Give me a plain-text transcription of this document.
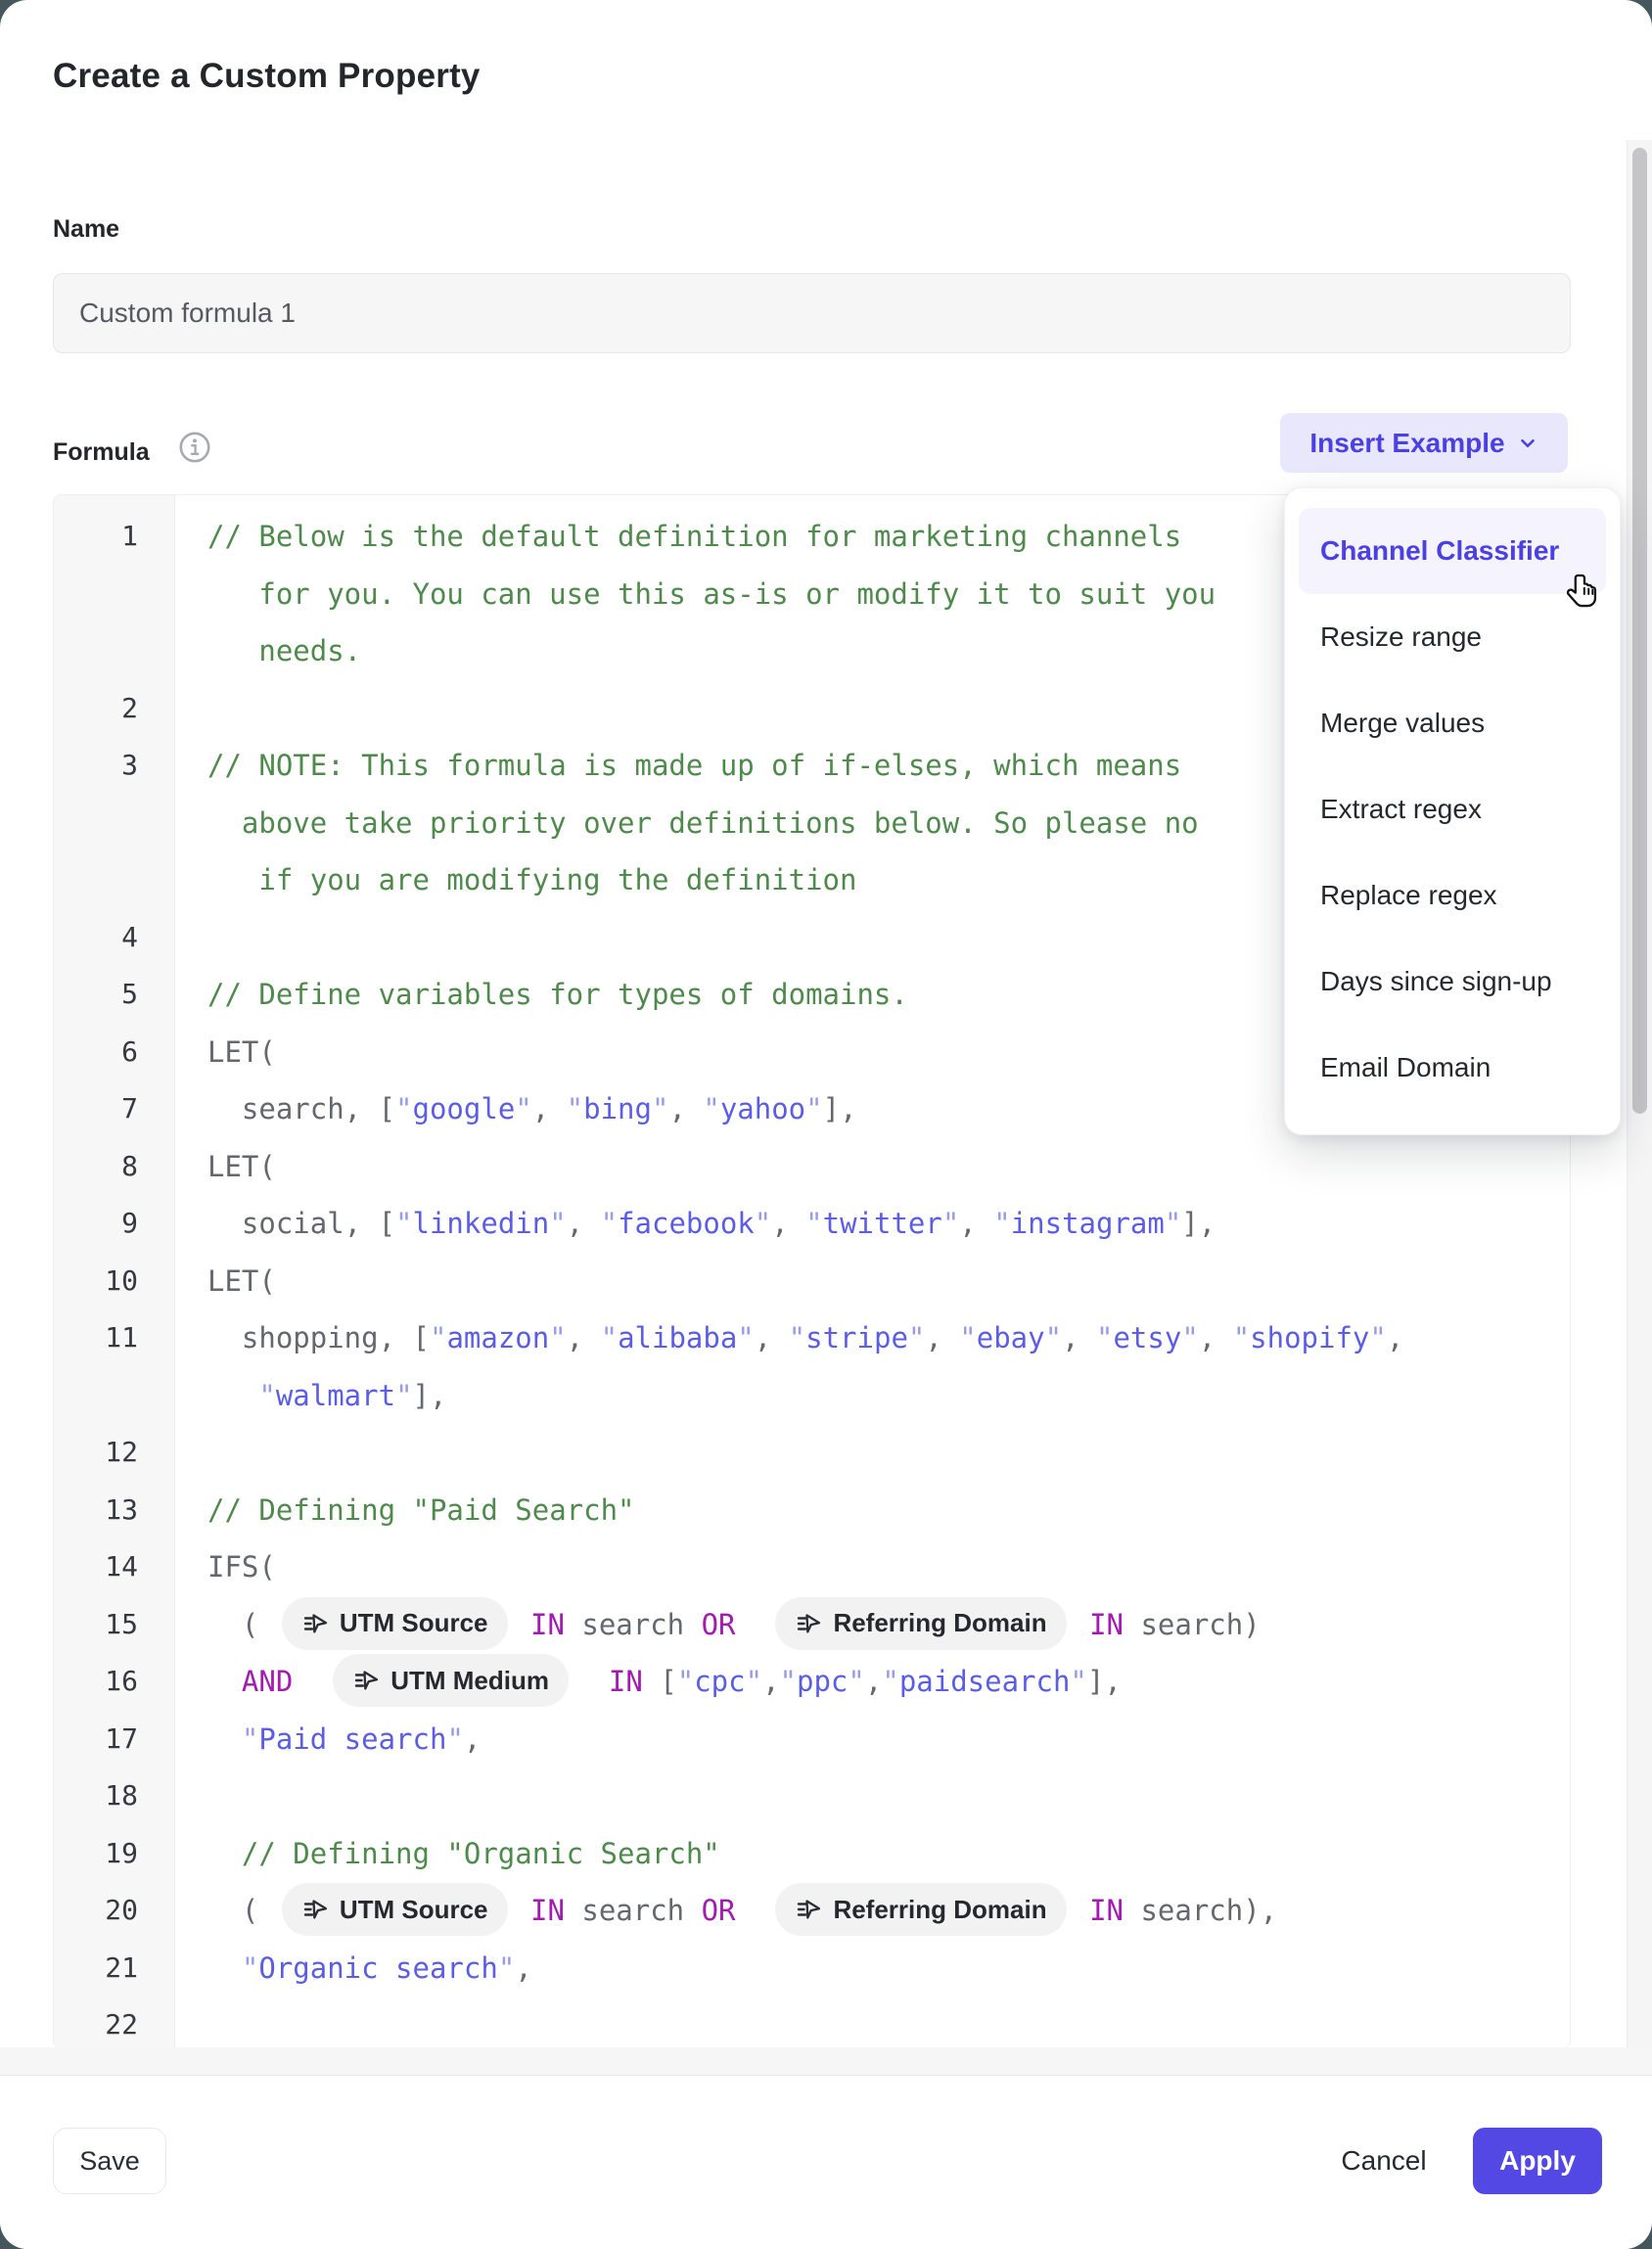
Create a Custom Property
Name
Custom formula 1
Formula	Insert Example
1	// Below is the default definition for marketing channels
for you. You can use this as-is or modify it to suit you
needs.
2
3	// NOTE: This formula is made up of if-elses, which means
above take priority over definitions below. So please no
if you are modifying the definition
4
5	// Define variables for types of domains.
6	LET(
7	search, ["google", "bing", "yahoo"],
8	LET(
9	social, ["linkedin", "facebook", "twitter", "instagram"],
10	LET(
11	shopping, ["amazon", "alibaba", "stripe", "ebay", "etsy", "shopify",
"walmart"],
12
13	// Defining "Paid Search"
14	IFS(
15	(	UTM Source IN search OR	Referring Domain IN search)
16	AND	UTM Medium IN ["cpc","ppc","paidsearch"],
17	"Paid search",
18
19	// Defining "Organic Search"
20	(	UTM Source IN search OR	Referring Domain IN search),
21	"Organic search",
22
Channel Classifier
Resize range
Merge values
Extract regex
Replace regex
Days since sign-up
Email Domain
Save	Cancel	Apply
